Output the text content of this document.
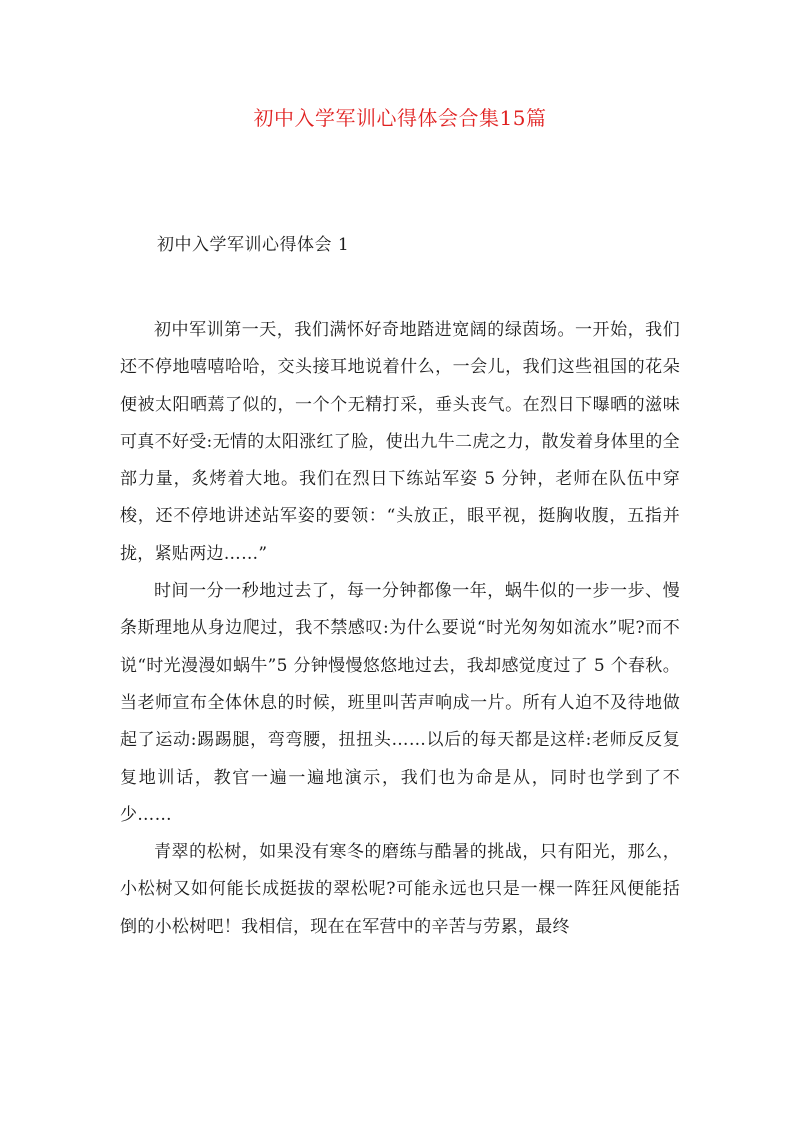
初中入学军训心得体会合集15篇
初中入学军训心得体会 1

初中军训第一天，我们满怀好奇地踏进宽阔的绿茵场。一开始，我们还不停地嘻嘻哈哈，交头接耳地说着什么，一会儿，我们这些祖国的花朵便被太阳晒蔫了似的，一个个无精打采，垂头丧气。在烈日下曝晒的滋味可真不好受:无情的太阳涨红了脸，使出九牛二虎之力，散发着身体里的全部力量，炙烤着大地。我们在烈日下练站军姿 5 分钟，老师在队伍中穿梭，还不停地讲述站军姿的要领：“头放正，眼平视，挺胸收腹，五指并拢，紧贴两边……”

时间一分一秒地过去了，每一分钟都像一年，蜗牛似的一步一步、慢条斯理地从身边爬过，我不禁感叹:为什么要说“时光匆匆如流水”呢?而不说“时光漫漫如蜗牛”5 分钟慢慢悠悠地过去，我却感觉度过了 5 个春秋。当老师宣布全体休息的时候，班里叫苦声响成一片。所有人迫不及待地做起了运动:踢踢腿，弯弯腰，扭扭头……以后的每天都是这样:老师反反复复地训话，教官一遍一遍地演示，我们也为命是从，同时也学到了不少……

青翠的松树，如果没有寒冬的磨练与酷暑的挑战，只有阳光，那么，小松树又如何能长成挺拔的翠松呢?可能永远也只是一棵一阵狂风便能括倒的小松树吧！我相信，现在在军营中的辛苦与劳累，最终
